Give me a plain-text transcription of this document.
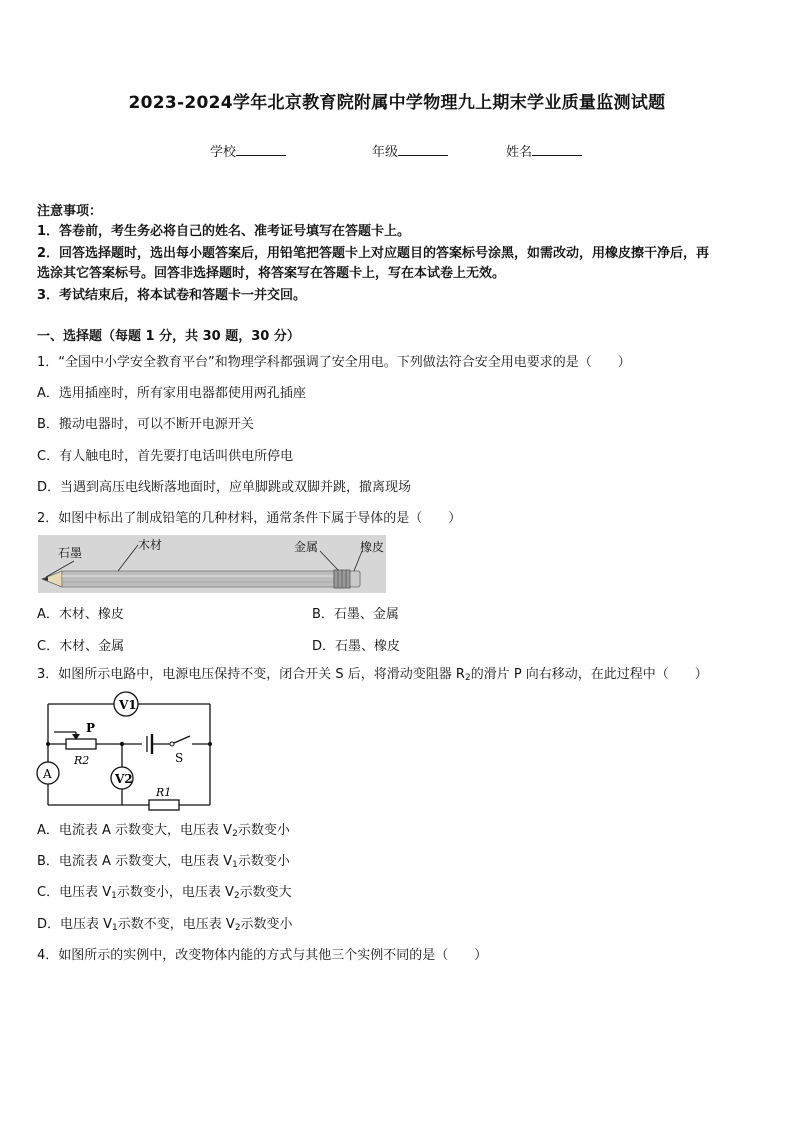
2023-2024学年北京教育院附属中学物理九上期末学业质量监测试题
学校	年级	姓名
注意事项：
1．答卷前，考生务必将自己的姓名、准考证号填写在答题卡上。
2．回答选择题时，选出每小题答案后，用铅笔把答题卡上对应题目的答案标号涂黑，如需改动，用橡皮擦干净后，再
选涂其它答案标号。回答非选择题时，将答案写在答题卡上，写在本试卷上无效。
3．考试结束后，将本试卷和答题卡一并交回。
一、选择题（每题 1 分，共 30 题，30 分）
1．“全国中小学安全教育平台”和物理学科都强调了安全用电。下列做法符合安全用电要求的是（　　）
A．选用插座时，所有家用电器都使用两孔插座
B．搬动电器时，可以不断开电源开关
C．有人触电时，首先要打电话叫供电所停电
D．当遇到高压电线断落地面时，应单脚跳或双脚并跳，撤离现场
2．如图中标出了制成铅笔的几种材料，通常条件下属于导体的是（　　）
石墨
木材	金属	橡皮
A．木材、橡皮	B．石墨、金属
C．木材、金属	D．石墨、橡皮
3．如图所示电路中，电源电压保持不变，闭合开关 S 后，将滑动变阻器 $R_2$的滑片 P 向右移动，在此过程中（　　）
V1
V2
A
P
R2
R1
S
A．电流表 A 示数变大，电压表 $V_2$示数变小
B．电流表 A 示数变大，电压表 $V_1$示数变小
C．电压表 $V_1$示数变小，电压表 $V_2$示数变大
D．电压表 $V_1$示数不变，电压表 $V_2$示数变小
4．如图所示的实例中，改变物体内能的方式与其他三个实例不同的是（　　）
